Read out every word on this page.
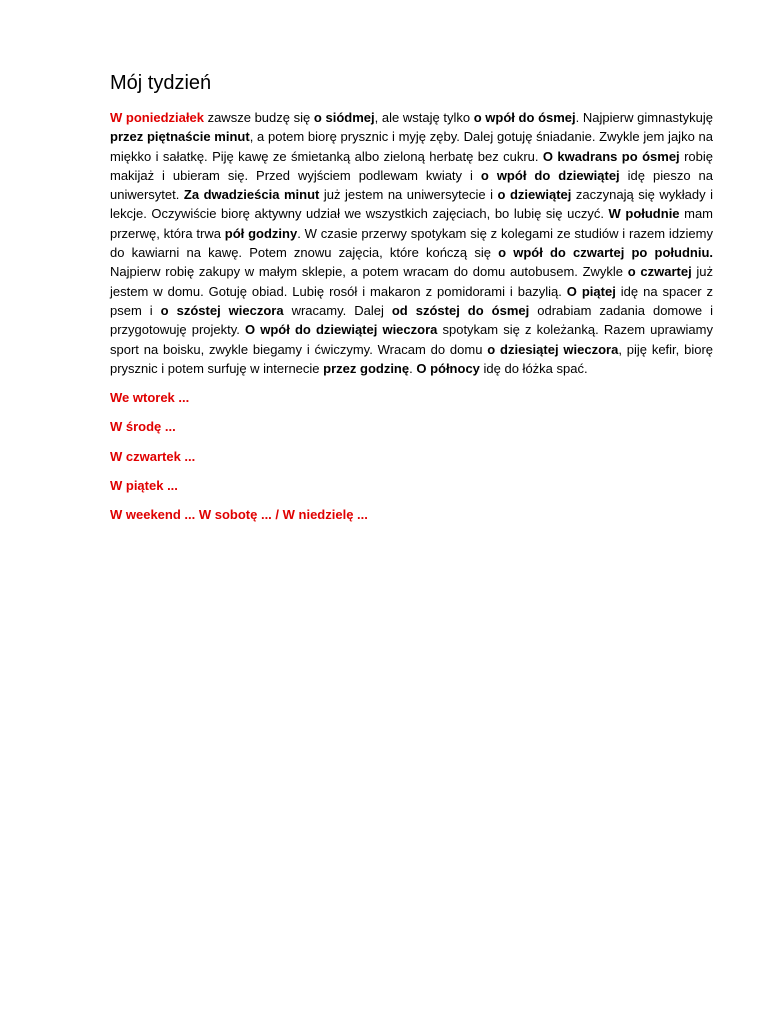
Mój tydzień

W poniedziałek zawsze budzę się o siódmej, ale wstaję tylko o wpół do ósmej. Najpierw gimnastykuję przez piętnaście minut, a potem biorę prysznic i myję zęby. Dalej gotuję śniadanie. Zwykle jem jajko na miękko i sałatkę. Piję kawę ze śmietanką albo zieloną herbatę bez cukru. O kwadrans po ósmej robię makijaż i ubieram się. Przed wyjściem podlewam kwiaty i o wpół do dziewiątej idę pieszo na uniwersytet. Za dwadzieścia minut już jestem na uniwersytecie i o dziewiątej zaczynają się wykłady i lekcje. Oczywiście biorę aktywny udział we wszystkich zajęciach, bo lubię się uczyć. W południe mam przerwę, która trwa pół godziny. W czasie przerwy spotykam się z kolegami ze studiów i razem idziemy do kawiarni na kawę. Potem znowu zajęcia, które kończą się o wpół do czwartej po południu. Najpierw robię zakupy w małym sklepie, a potem wracam do domu autobusem. Zwykle o czwartej już jestem w domu. Gotuję obiad. Lubię rosół i makaron z pomidorami i bazylią. O piątej idę na spacer z psem i o szóstej wieczora wracamy. Dalej od szóstej do ósmej odrabiam zadania domowe i przygotowuję projekty. O wpół do dziewiątej wieczora spotykam się z koleżanką. Razem uprawiamy sport na boisku, zwykle biegamy i ćwiczymy. Wracam do domu o dziesiątej wieczora, piję kefir, biorę prysznic i potem surfuję w internecie przez godzinę. O północy idę do łóżka spać.

We wtorek ...

W środę ...

W czwartek ...

W piątek ...

W weekend ... W sobotę ... / W niedzielę ...
